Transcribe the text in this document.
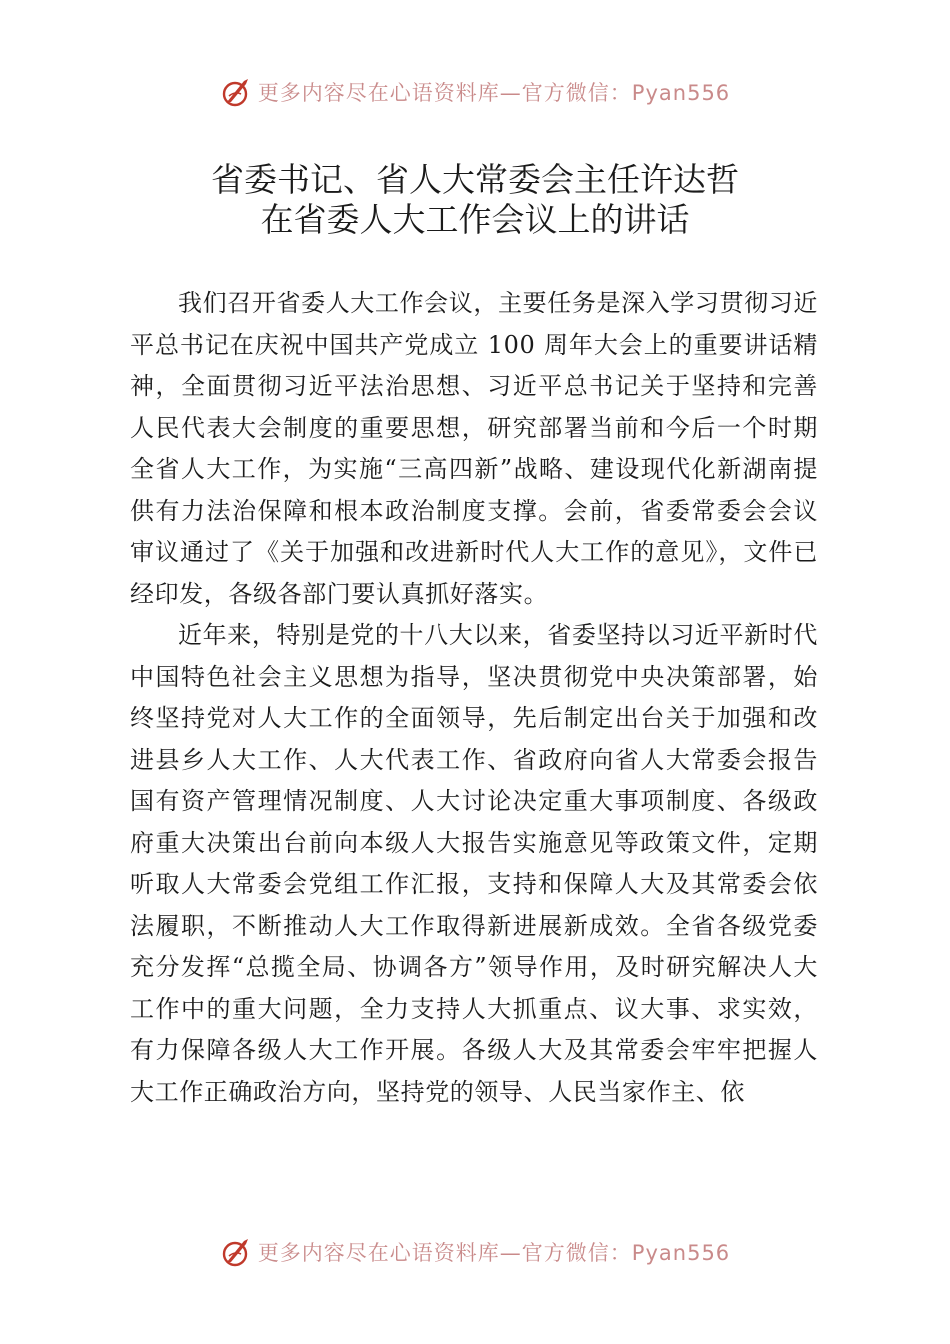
更多内容尽在心语资料库—官方微信：Pyan556
省委书记、省人大常委会主任许达哲
在省委人大工作会议上的讲话

我们召开省委人大工作会议，主要任务是深入学习贯彻习近平总书记在庆祝中国共产党成立 100 周年大会上的重要讲话精神，全面贯彻习近平法治思想、习近平总书记关于坚持和完善人民代表大会制度的重要思想，研究部署当前和今后一个时期全省人大工作，为实施“三高四新”战略、建设现代化新湖南提供有力法治保障和根本政治制度支撑。会前，省委常委会会议审议通过了《关于加强和改进新时代人大工作的意见》，文件已经印发，各级各部门要认真抓好落实。

近年来，特别是党的十八大以来，省委坚持以习近平新时代中国特色社会主义思想为指导，坚决贯彻党中央决策部署，始终坚持党对人大工作的全面领导，先后制定出台关于加强和改进县乡人大工作、人大代表工作、省政府向省人大常委会报告国有资产管理情况制度、人大讨论决定重大事项制度、各级政府重大决策出台前向本级人大报告实施意见等政策文件，定期听取人大常委会党组工作汇报，支持和保障人大及其常委会依法履职，不断推动人大工作取得新进展新成效。全省各级党委充分发挥“总揽全局、协调各方”领导作用，及时研究解决人大工作中的重大问题，全力支持人大抓重点、议大事、求实效，有力保障各级人大工作开展。各级人大及其常委会牢牢把握人大工作正确政治方向，坚持党的领导、人民当家作主、依

更多内容尽在心语资料库—官方微信：Pyan556
